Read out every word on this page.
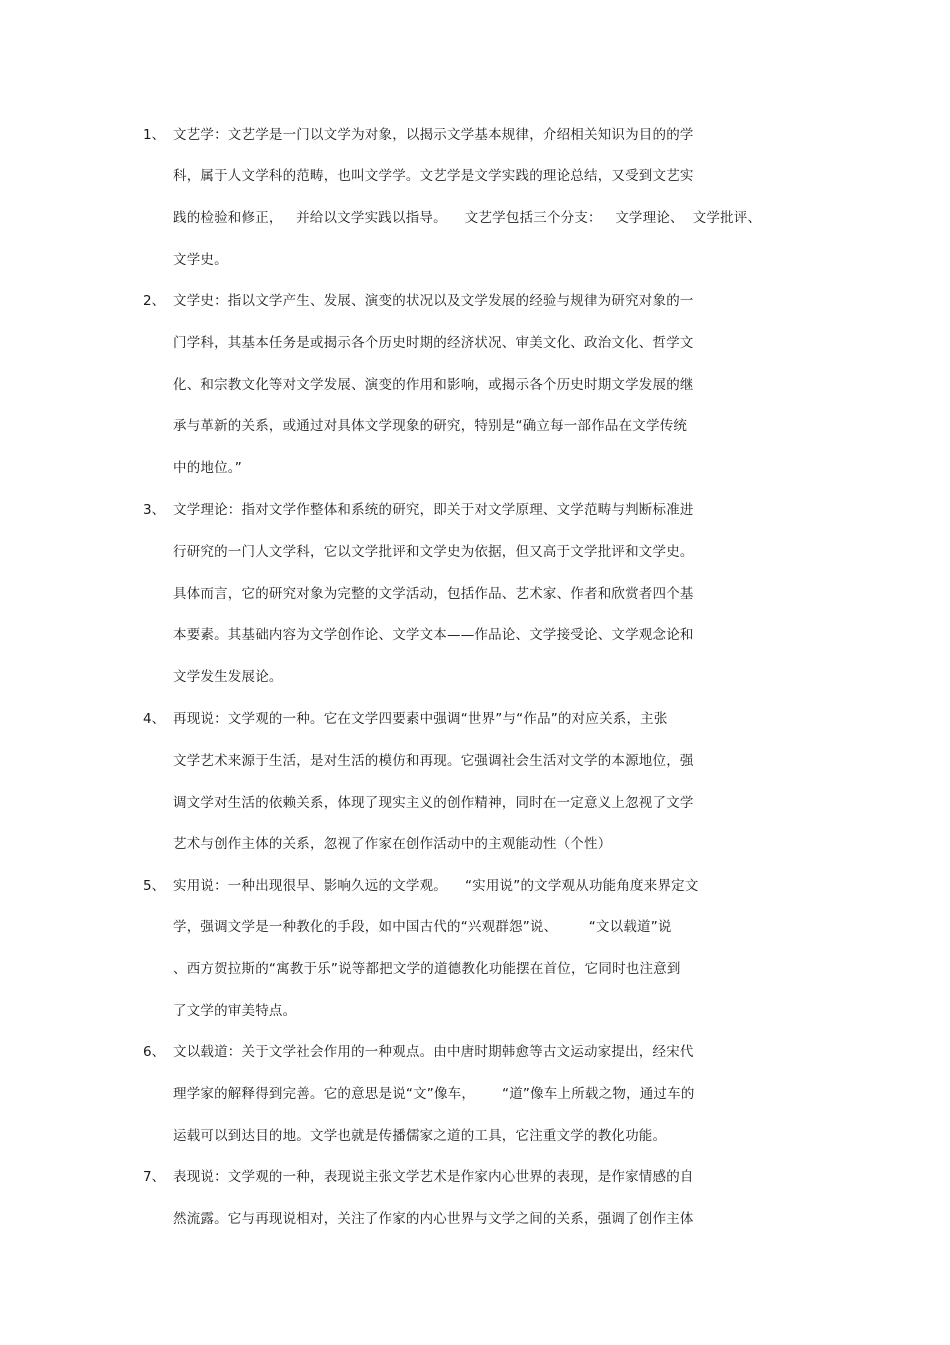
1、 文艺学：文艺学是一门以文学为对象，以揭示文学基本规律，介绍相关知识为目的的学
科，属于人文学科的范畴，也叫文学学。文艺学是文学实践的理论总结，又受到文艺实
践的检验和修正，   并给以文学实践以指导。    文艺学包括三个分支：   文学理论、  文学批评、
文学史。
2、 文学史：指以文学产生、发展、演变的状况以及文学发展的经验与规律为研究对象的一
门学科，其基本任务是或揭示各个历史时期的经济状况、审美文化、政治文化、哲学文
化、和宗教文化等对文学发展、演变的作用和影响，或揭示各个历史时期文学发展的继
承与革新的关系，或通过对具体文学现象的研究，特别是“确立每一部作品在文学传统
中的地位。”
3、 文学理论：指对文学作整体和系统的研究，即关于对文学原理、文学范畴与判断标准进
行研究的一门人文学科，它以文学批评和文学史为依据，但又高于文学批评和文学史。
具体而言，它的研究对象为完整的文学活动，包括作品、艺术家、作者和欣赏者四个基
本要素。其基础内容为文学创作论、文学文本——作品论、文学接受论、文学观念论和
文学发生发展论。
4、 再现说：文学观的一种。它在文学四要素中强调“世界”与“作品”的对应关系，主张
文学艺术来源于生活，是对生活的模仿和再现。它强调社会生活对文学的本源地位，强
调文学对生活的依赖关系，体现了现实主义的创作精神，同时在一定意义上忽视了文学
艺术与创作主体的关系，忽视了作家在创作活动中的主观能动性（个性）
5、 实用说：一种出现很早、影响久远的文学观。    “实用说”的文学观从功能角度来界定文
学，强调文学是一种教化的手段，如中国古代的“兴观群怨”说、       “文以载道”说
、西方贺拉斯的“寓教于乐”说等都把文学的道德教化功能摆在首位，它同时也注意到
了文学的审美特点。
6、 文以载道：关于文学社会作用的一种观点。由中唐时期韩愈等古文运动家提出，经宋代
理学家的解释得到完善。它的意思是说“文”像车，      “道”像车上所载之物，通过车的
运载可以到达目的地。文学也就是传播儒家之道的工具，它注重文学的教化功能。
7、 表现说：文学观的一种，表现说主张文学艺术是作家内心世界的表现，是作家情感的自
然流露。它与再现说相对，关注了作家的内心世界与文学之间的关系，强调了创作主体
